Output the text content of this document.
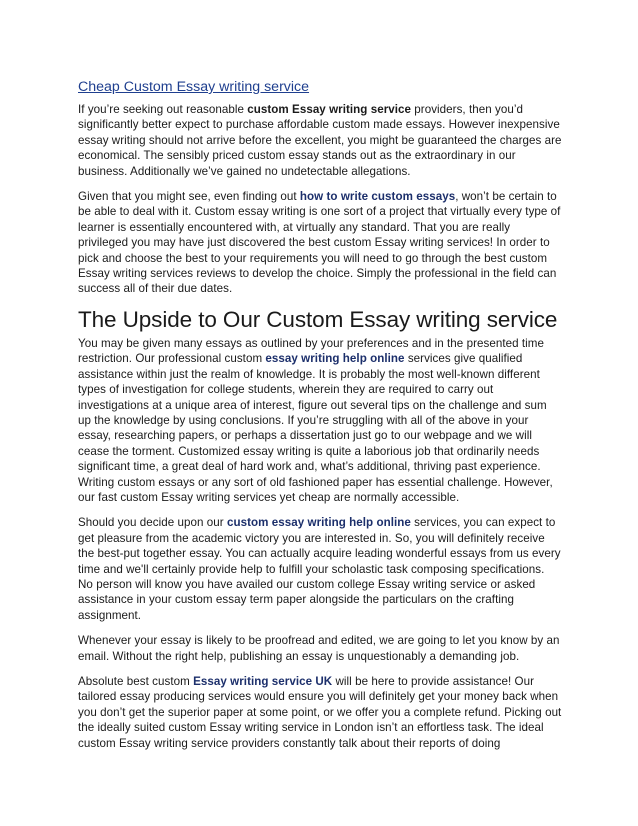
Cheap Custom Essay writing service

If you’re seeking out reasonable custom Essay writing service providers, then you’d significantly better expect to purchase affordable custom made essays. However inexpensive essay writing should not arrive before the excellent, you might be guaranteed the charges are economical. The sensibly priced custom essay stands out as the extraordinary in our business. Additionally we’ve gained no undetectable allegations.

Given that you might see, even finding out how to write custom essays, won’t be certain to be able to deal with it. Custom essay writing is one sort of a project that virtually every type of learner is essentially encountered with, at virtually any standard. That you are really privileged you may have just discovered the best custom Essay writing services! In order to pick and choose the best to your requirements you will need to go through the best custom Essay writing services reviews to develop the choice. Simply the professional in the field can success all of their due dates.

The Upside to Our Custom Essay writing service

You may be given many essays as outlined by your preferences and in the presented time restriction. Our professional custom essay writing help online services give qualified assistance within just the realm of knowledge. It is probably the most well-known different types of investigation for college students, wherein they are required to carry out investigations at a unique area of interest, figure out several tips on the challenge and sum up the knowledge by using conclusions. If you’re struggling with all of the above in your essay, researching papers, or perhaps a dissertation just go to our webpage and we will cease the torment. Customized essay writing is quite a laborious job that ordinarily needs significant time, a great deal of hard work and, what’s additional, thriving past experience. Writing custom essays or any sort of old fashioned paper has essential challenge. However, our fast custom Essay writing services yet cheap are normally accessible.

Should you decide upon our custom essay writing help online services, you can expect to get pleasure from the academic victory you are interested in. So, you will definitely receive the best-put together essay. You can actually acquire leading wonderful essays from us every time and we'll certainly provide help to fulfill your scholastic task composing specifications. No person will know you have availed our custom college Essay writing service or asked assistance in your custom essay term paper alongside the particulars on the crafting assignment.

Whenever your essay is likely to be proofread and edited, we are going to let you know by an email. Without the right help, publishing an essay is unquestionably a demanding job.

Absolute best custom Essay writing service UK will be here to provide assistance! Our tailored essay producing services would ensure you will definitely get your money back when you don’t get the superior paper at some point, or we offer you a complete refund. Picking out the ideally suited custom Essay writing service in London isn’t an effortless task. The ideal custom Essay writing service providers constantly talk about their reports of doing
